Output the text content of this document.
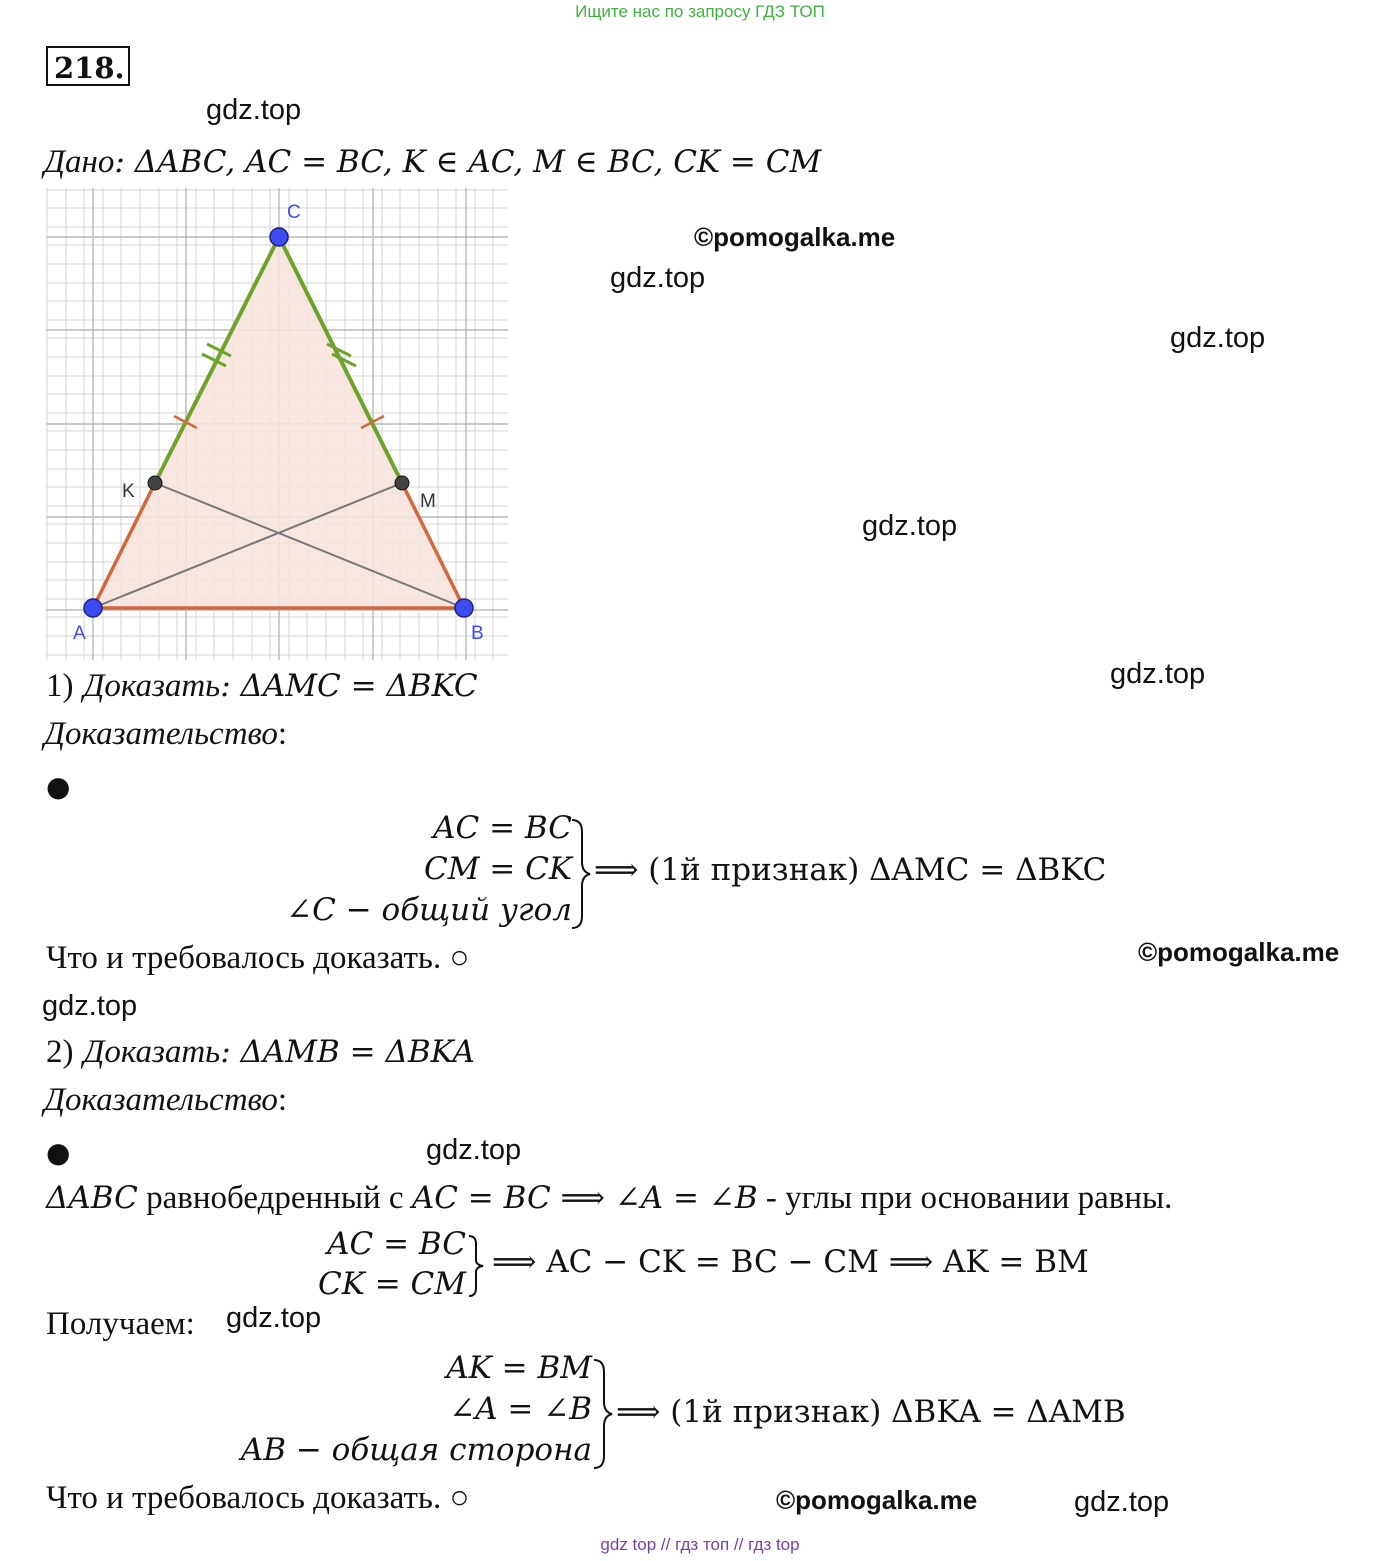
Ищите нас по запросу ГДЗ ТОП
218.
gdz.top
©pomogalka.me
gdz.top
gdz.top
gdz.top
gdz.top
©pomogalka.me
gdz.top
gdz.top
gdz.top
©pomogalka.me	gdz.top
Дано: ΔABC, AC = BC, K ∈ AC, M ∈ BC, CK = CM
A	B
C
K	M
1) Доказать: ΔAMC = ΔBKC
Доказательство:
●
AC = BC
CM = CK
∠C − общий угол
⟹ (1й признак) ΔAMC = ΔBKC
Что и требовалось доказать. ○
2) Доказать: ΔAMB = ΔBKA
Доказательство:
●
ΔABC равнобедренный с AC = BC ⟹ ∠A = ∠B - углы при основании равны.
AC = BC
CK = CM
⟹ AC − CK = BC − CM ⟹ AK = BM
Получаем:
AK = BM
∠A = ∠B
AB − общая сторона
⟹ (1й признак) ΔBKA = ΔAMB
Что и требовалось доказать. ○
gdz top // гдз топ // гдз top
